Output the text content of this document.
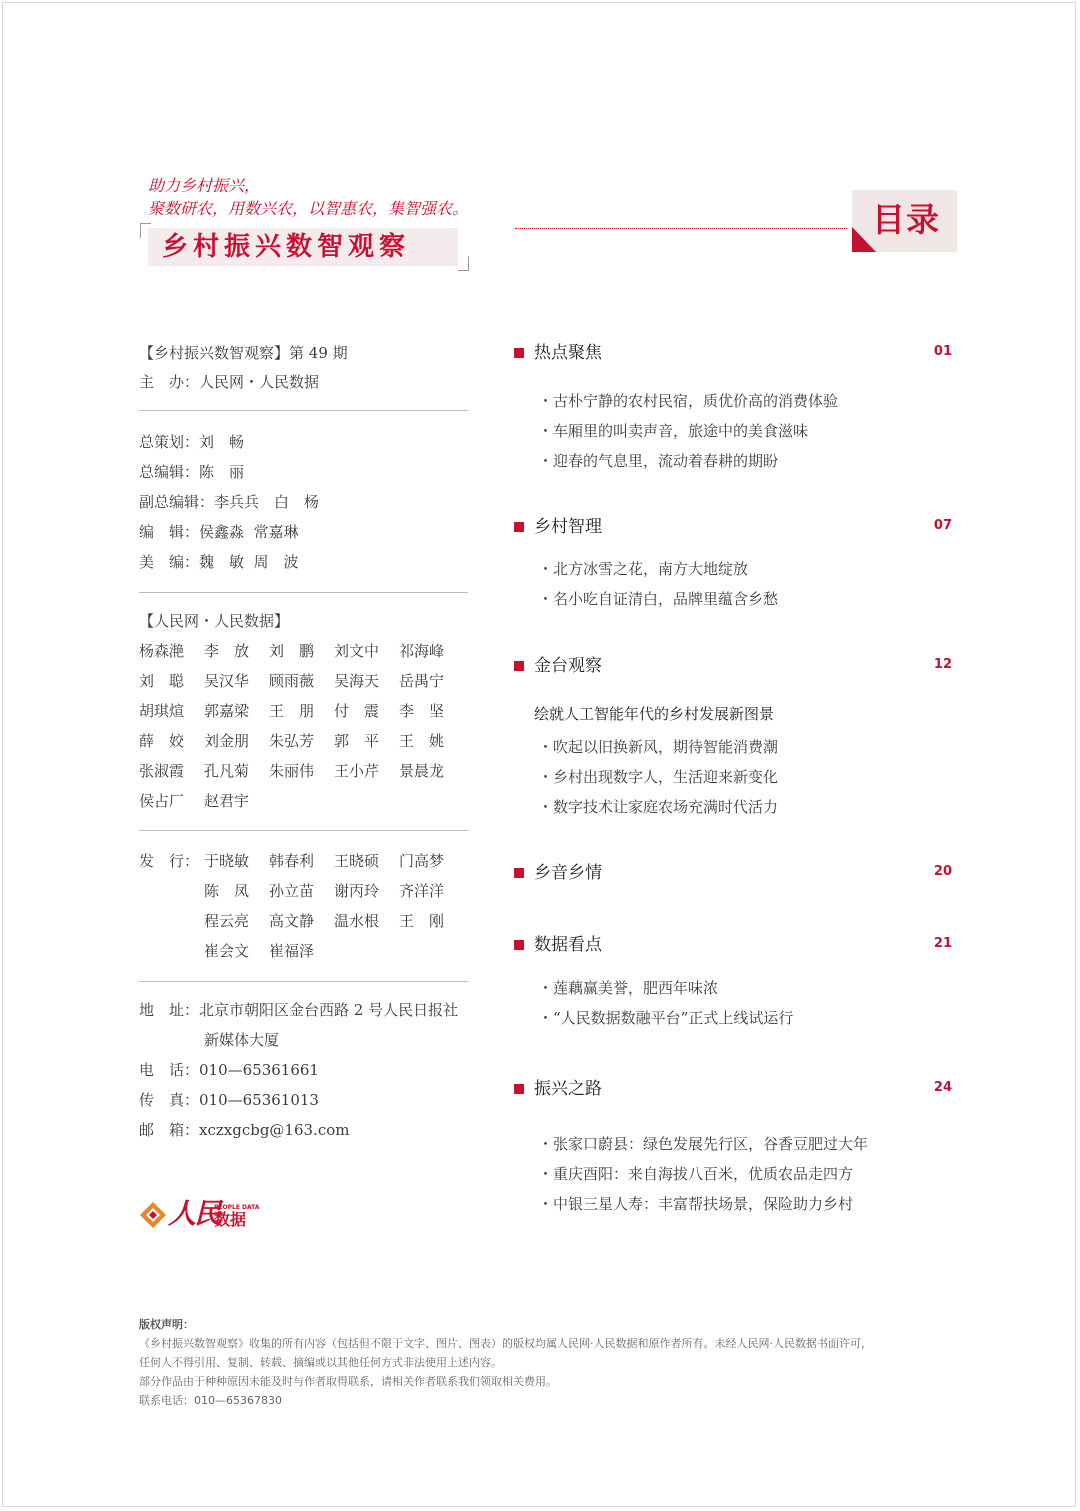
助力乡村振兴，
聚数研农，用数兴农，以智惠农，集智强农。
乡村振兴数智观察
目录
【乡村振兴数智观察】第 49 期
主　办：人民网・人民数据
总策划：刘　畅
总编辑：陈　丽
副总编辑：李兵兵　白　杨
编　辑：侯鑫淼  常嘉琳
美　编：魏　敏  周　波
【人民网・人民数据】
杨森滟 李　放 刘　鹏 刘文中 祁海峰
刘　聪 吴汉华 顾雨薇 吴海天 岳禺宁
胡琪煊 郭嘉梁 王　朋 付　震 李　坚
薛　姣 刘金朋 朱弘芳 郭　平 王　姚
张淑霞 孔凡菊 朱丽伟 王小芹 景晨龙
侯占厂 赵君宇
发　行： 于晓敏 韩春利 王晓硕 门高梦
陈　凤 孙立苗 谢丙玲 齐洋洋
程云亮 高文静 温水根 王　刚
崔会文 崔福泽
地　址：北京市朝阳区金台西路 2 号人民日报社
新媒体大厦
电　话：010—65361661
传　真：010—65361013
邮　箱：xczxgcbg@163.com
人民
PEOPLE DATA
数据
热点聚焦	01
・古朴宁静的农村民宿，质优价高的消费体验
・车厢里的叫卖声音，旅途中的美食滋味
・迎春的气息里，流动着春耕的期盼
乡村智理	07
・北方冰雪之花，南方大地绽放
・名小吃自证清白，品牌里蕴含乡愁
金台观察	12
绘就人工智能年代的乡村发展新图景
・吹起以旧换新风，期待智能消费潮
・乡村出现数字人，生活迎来新变化
・数字技术让家庭农场充满时代活力
乡音乡情	20
数据看点	21
・莲藕赢美誉，肥西年味浓
・“人民数据数融平台”正式上线试运行
振兴之路	24
・张家口蔚县：绿色发展先行区，谷香豆肥过大年
・重庆酉阳：来自海拔八百米，优质农品走四方
・中银三星人寿：丰富帮扶场景，保险助力乡村
版权声明：
《乡村振兴数智观察》收集的所有内容（包括但不限于文字、图片、图表）的版权均属人民网·人民数据和原作者所有。未经人民网·人民数据书面许可，
任何人不得引用、复制、转载、摘编或以其他任何方式非法使用上述内容。
部分作品由于种种原因未能及时与作者取得联系，请相关作者联系我们领取相关费用。
联系电话：010—65367830
